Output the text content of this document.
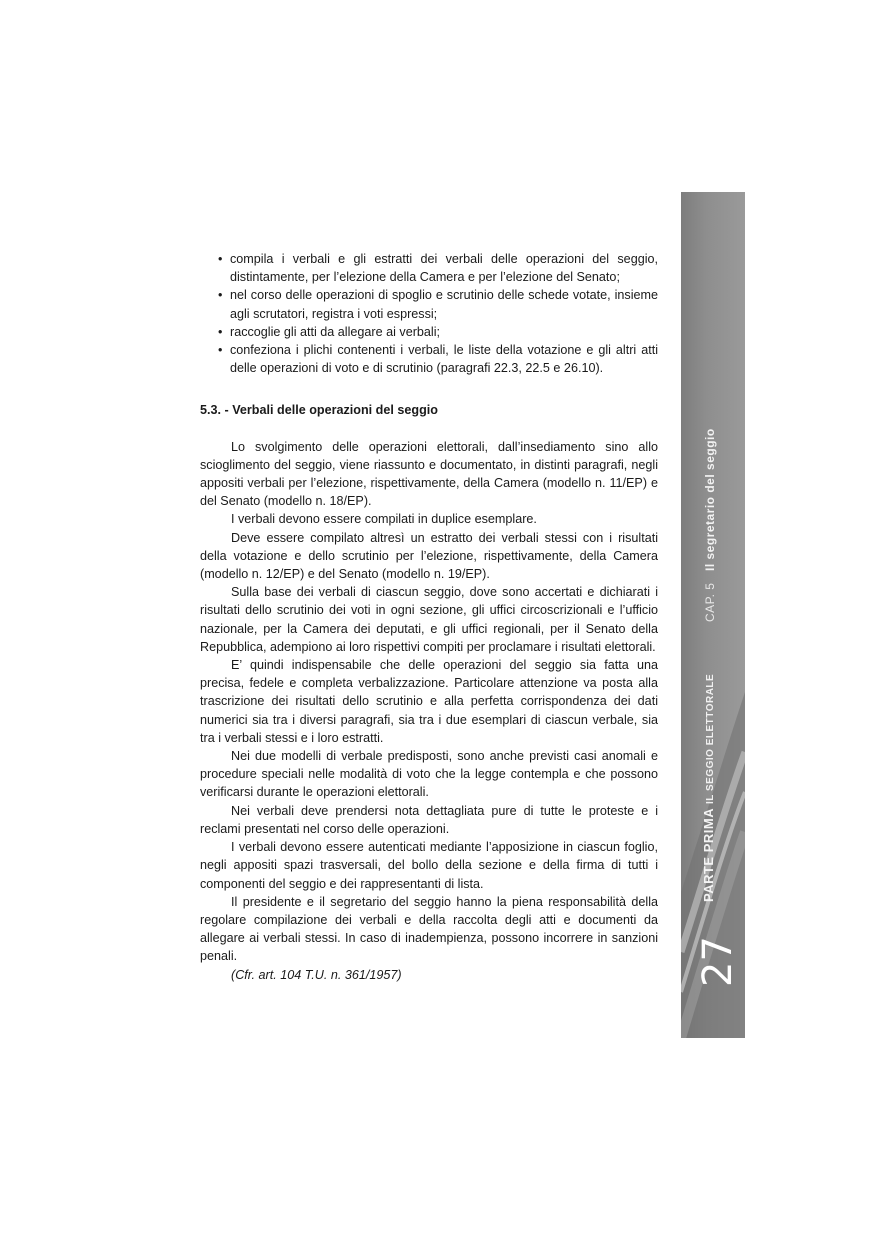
• compila i verbali e gli estratti dei verbali delle operazioni del seggio, distintamente, per l’elezione della Camera e per l’elezione del Senato;
• nel corso delle operazioni di spoglio e scrutinio delle schede votate, insieme agli scrutatori, registra i voti espressi;
• raccoglie gli atti da allegare ai verbali;
• confeziona i plichi contenenti i verbali, le liste della votazione e gli altri atti delle operazioni di voto e di scrutinio (paragrafi 22.3, 22.5 e 26.10).
5.3. - Verbali delle operazioni del seggio

Lo svolgimento delle operazioni elettorali, dall’insediamento sino allo scioglimento del seggio, viene riassunto e documentato, in distinti paragrafi, negli appositi verbali per l’elezione, rispettivamente, della Camera (modello n. 11/EP) e del Senato (modello n. 18/EP).

I verbali devono essere compilati in duplice esemplare.

Deve essere compilato altresì un estratto dei verbali stessi con i risultati della votazione e dello scrutinio per l’elezione, rispettivamente, della Camera (modello n. 12/EP) e del Senato (modello n. 19/EP).

Sulla base dei verbali di ciascun seggio, dove sono accertati e dichiarati i risultati dello scrutinio dei voti in ogni sezione, gli uffici circoscrizionali e l’ufficio nazionale, per la Camera dei deputati, e gli uffici regionali, per il Senato della Repubblica, adempiono ai loro rispettivi compiti per proclamare i risultati elettorali.

E’ quindi indispensabile che delle operazioni del seggio sia fatta una precisa, fedele e completa verbalizzazione. Particolare attenzione va posta alla trascrizione dei risultati dello scrutinio e alla perfetta corrispondenza dei dati numerici sia tra i diversi paragrafi, sia tra i due esemplari di ciascun verbale, sia tra i verbali stessi e i loro estratti.

Nei due modelli di verbale predisposti, sono anche previsti casi anomali e procedure speciali nelle modalità di voto che la legge contempla e che possono verificarsi durante le operazioni elettorali.

Nei verbali deve prendersi nota dettagliata pure di tutte le proteste e i reclami presentati nel corso delle operazioni.

I verbali devono essere autenticati mediante l’apposizione in ciascun foglio, negli appositi spazi trasversali, del bollo della sezione e della firma di tutti i componenti del seggio e dei rappresentanti di lista.

Il presidente e il segretario del seggio hanno la piena responsabilità della regolare compilazione dei verbali e della raccolta degli atti e documenti da allegare ai verbali stessi. In caso di inadempienza, possono incorrere in sanzioni penali.

(Cfr. art. 104 T.U. n. 361/1957)

CAP. 5   Il segretario del seggio
IL SEGGIO ELETTORALE
PARTE PRIMA
27
